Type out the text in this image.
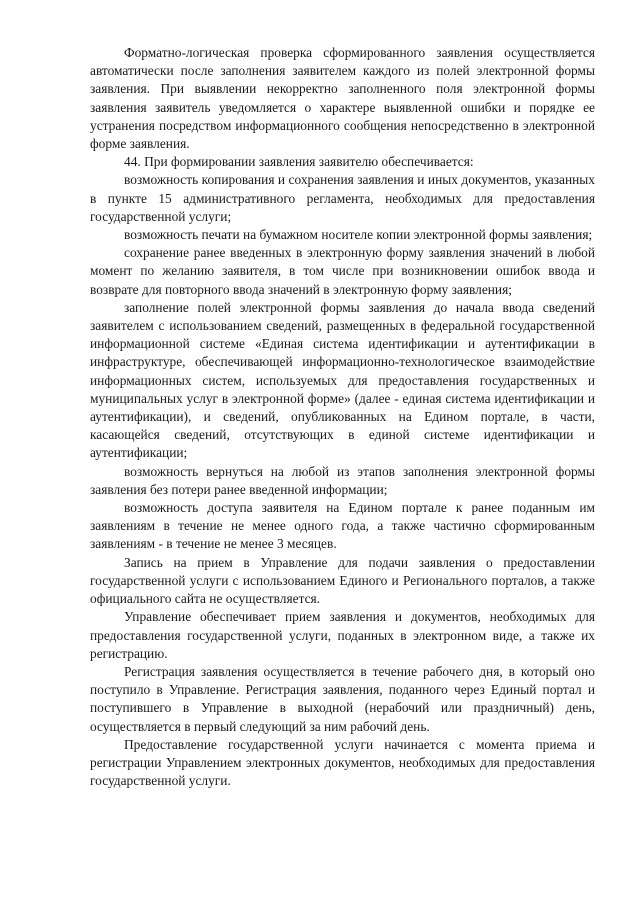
Форматно-логическая проверка сформированного заявления осуществляется автоматически после заполнения заявителем каждого из полей электронной формы заявления. При выявлении некорректно заполненного поля электронной формы заявления заявитель уведомляется о характере выявленной ошибки и порядке ее устранения посредством информационного сообщения непосредственно в электронной форме заявления.

44. При формировании заявления заявителю обеспечивается:

возможность копирования и сохранения заявления и иных документов, указанных в пункте 15 административного регламента, необходимых для предоставления государственной услуги;

возможность печати на бумажном носителе копии электронной формы заявления;

сохранение ранее введенных в электронную форму заявления значений в любой момент по желанию заявителя, в том числе при возникновении ошибок ввода и возврате для повторного ввода значений в электронную форму заявления;

заполнение полей электронной формы заявления до начала ввода сведений заявителем с использованием сведений, размещенных в федеральной государственной информационной системе «Единая система идентификации и аутентификации в инфраструктуре, обеспечивающей информационно-технологическое взаимодействие информационных систем, используемых для предоставления государственных и муниципальных услуг в электронной форме» (далее - единая система идентификации и аутентификации), и сведений, опубликованных на Едином портале, в части, касающейся сведений, отсутствующих в единой системе идентификации и аутентификации;

возможность вернуться на любой из этапов заполнения электронной формы заявления без потери ранее введенной информации;

возможность доступа заявителя на Едином портале к ранее поданным им заявлениям в течение не менее одного года, а также частично сформированным заявлениям - в течение не менее 3 месяцев.

Запись на прием в Управление для подачи заявления о предоставлении государственной услуги с использованием Единого и Регионального порталов, а также официального сайта не осуществляется.

Управление обеспечивает прием заявления и документов, необходимых для предоставления государственной услуги, поданных в электронном виде, а также их регистрацию.

Регистрация заявления осуществляется в течение рабочего дня, в который оно поступило в Управление. Регистрация заявления, поданного через Единый портал и поступившего в Управление в выходной (нерабочий или праздничный) день, осуществляется в первый следующий за ним рабочий день.

Предоставление государственной услуги начинается с момента приема и регистрации Управлением электронных документов, необходимых для предоставления государственной услуги.
